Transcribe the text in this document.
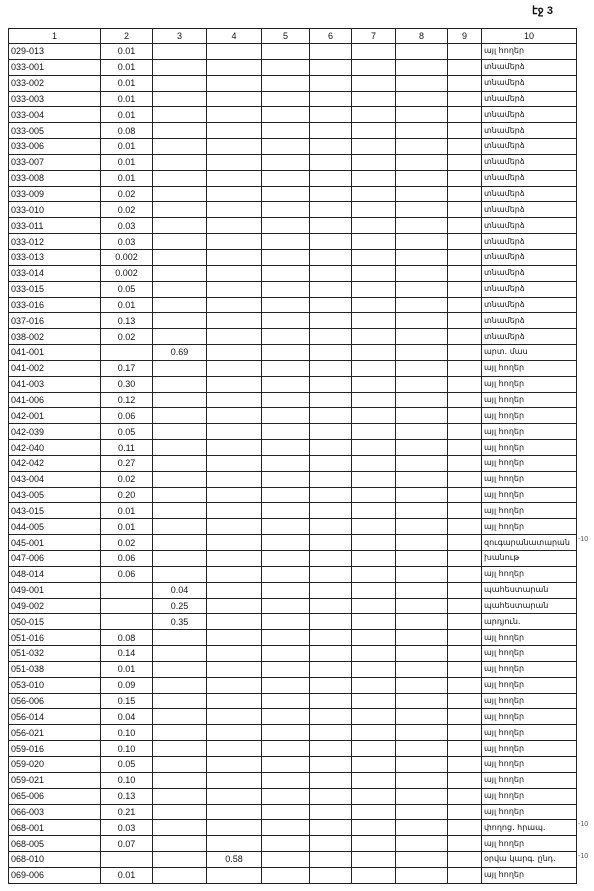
էջ 3
1	2	3	4	5	6	7	8	9	10
029-013	0.01								այլ հողեր
033-001	0.01								տնամերձ
033-002	0.01								տնամերձ
033-003	0.01								տնամերձ
033-004	0.01								տնամերձ
033-005	0.08								տնամերձ
033-006	0.01								տնամերձ
033-007	0.01								տնամերձ
033-008	0.01								տնամերձ
033-009	0.02								տնամերձ
033-010	0.02								տնամերձ
033-011	0.03								տնամերձ
033-012	0.03								տնամերձ
033-013	0.002								տնամերձ
033-014	0.002								տնամերձ
033-015	0.05								տնամերձ
033-016	0.01								տնամերձ
037-016	0.13								տնամերձ
038-002	0.02								տնամերձ
041-001		0.69							արտ. մաս
041-002	0.17								այլ հողեր
041-003	0.30								այլ հողեր
041-006	0.12								այլ հողեր
042-001	0.06								այլ հողեր
042-039	0.05								այլ հողեր
042-040	0.11								այլ հողեր
042-042	0.27								այլ հողեր
043-004	0.02								այլ հողեր
043-005	0.20								այլ հողեր
043-015	0.01								այլ հողեր
044-005	0.01								այլ հողեր
045-001	0.02								զուգարանատարան
047-006	0.06								խանութ
048-014	0.06								այլ հողեր
049-001		0.04							պահեստարան
049-002		0.25							պահեստարան
050-015		0.35							արդյուն.
051-016	0.08								այլ հողեր
051-032	0.14								այլ հողեր
051-038	0.01								այլ հողեր
053-010	0.09								այլ հողեր
056-006	0.15								այլ հողեր
056-014	0.04								այլ հողեր
056-021	0.10								այլ հողեր
059-016	0.10								այլ հողեր
059-020	0.05								այլ հողեր
059-021	0.10								այլ հողեր
065-006	0.13								այլ հողեր
066-003	0.21								այլ հողեր
068-001	0.03								փողոց. հրապ.
068-005	0.07								այլ հողեր
068-010			0.58						օրվա կարգ. ընդ.
069-006	0.01								այլ հողեր
-10
-10
-10
